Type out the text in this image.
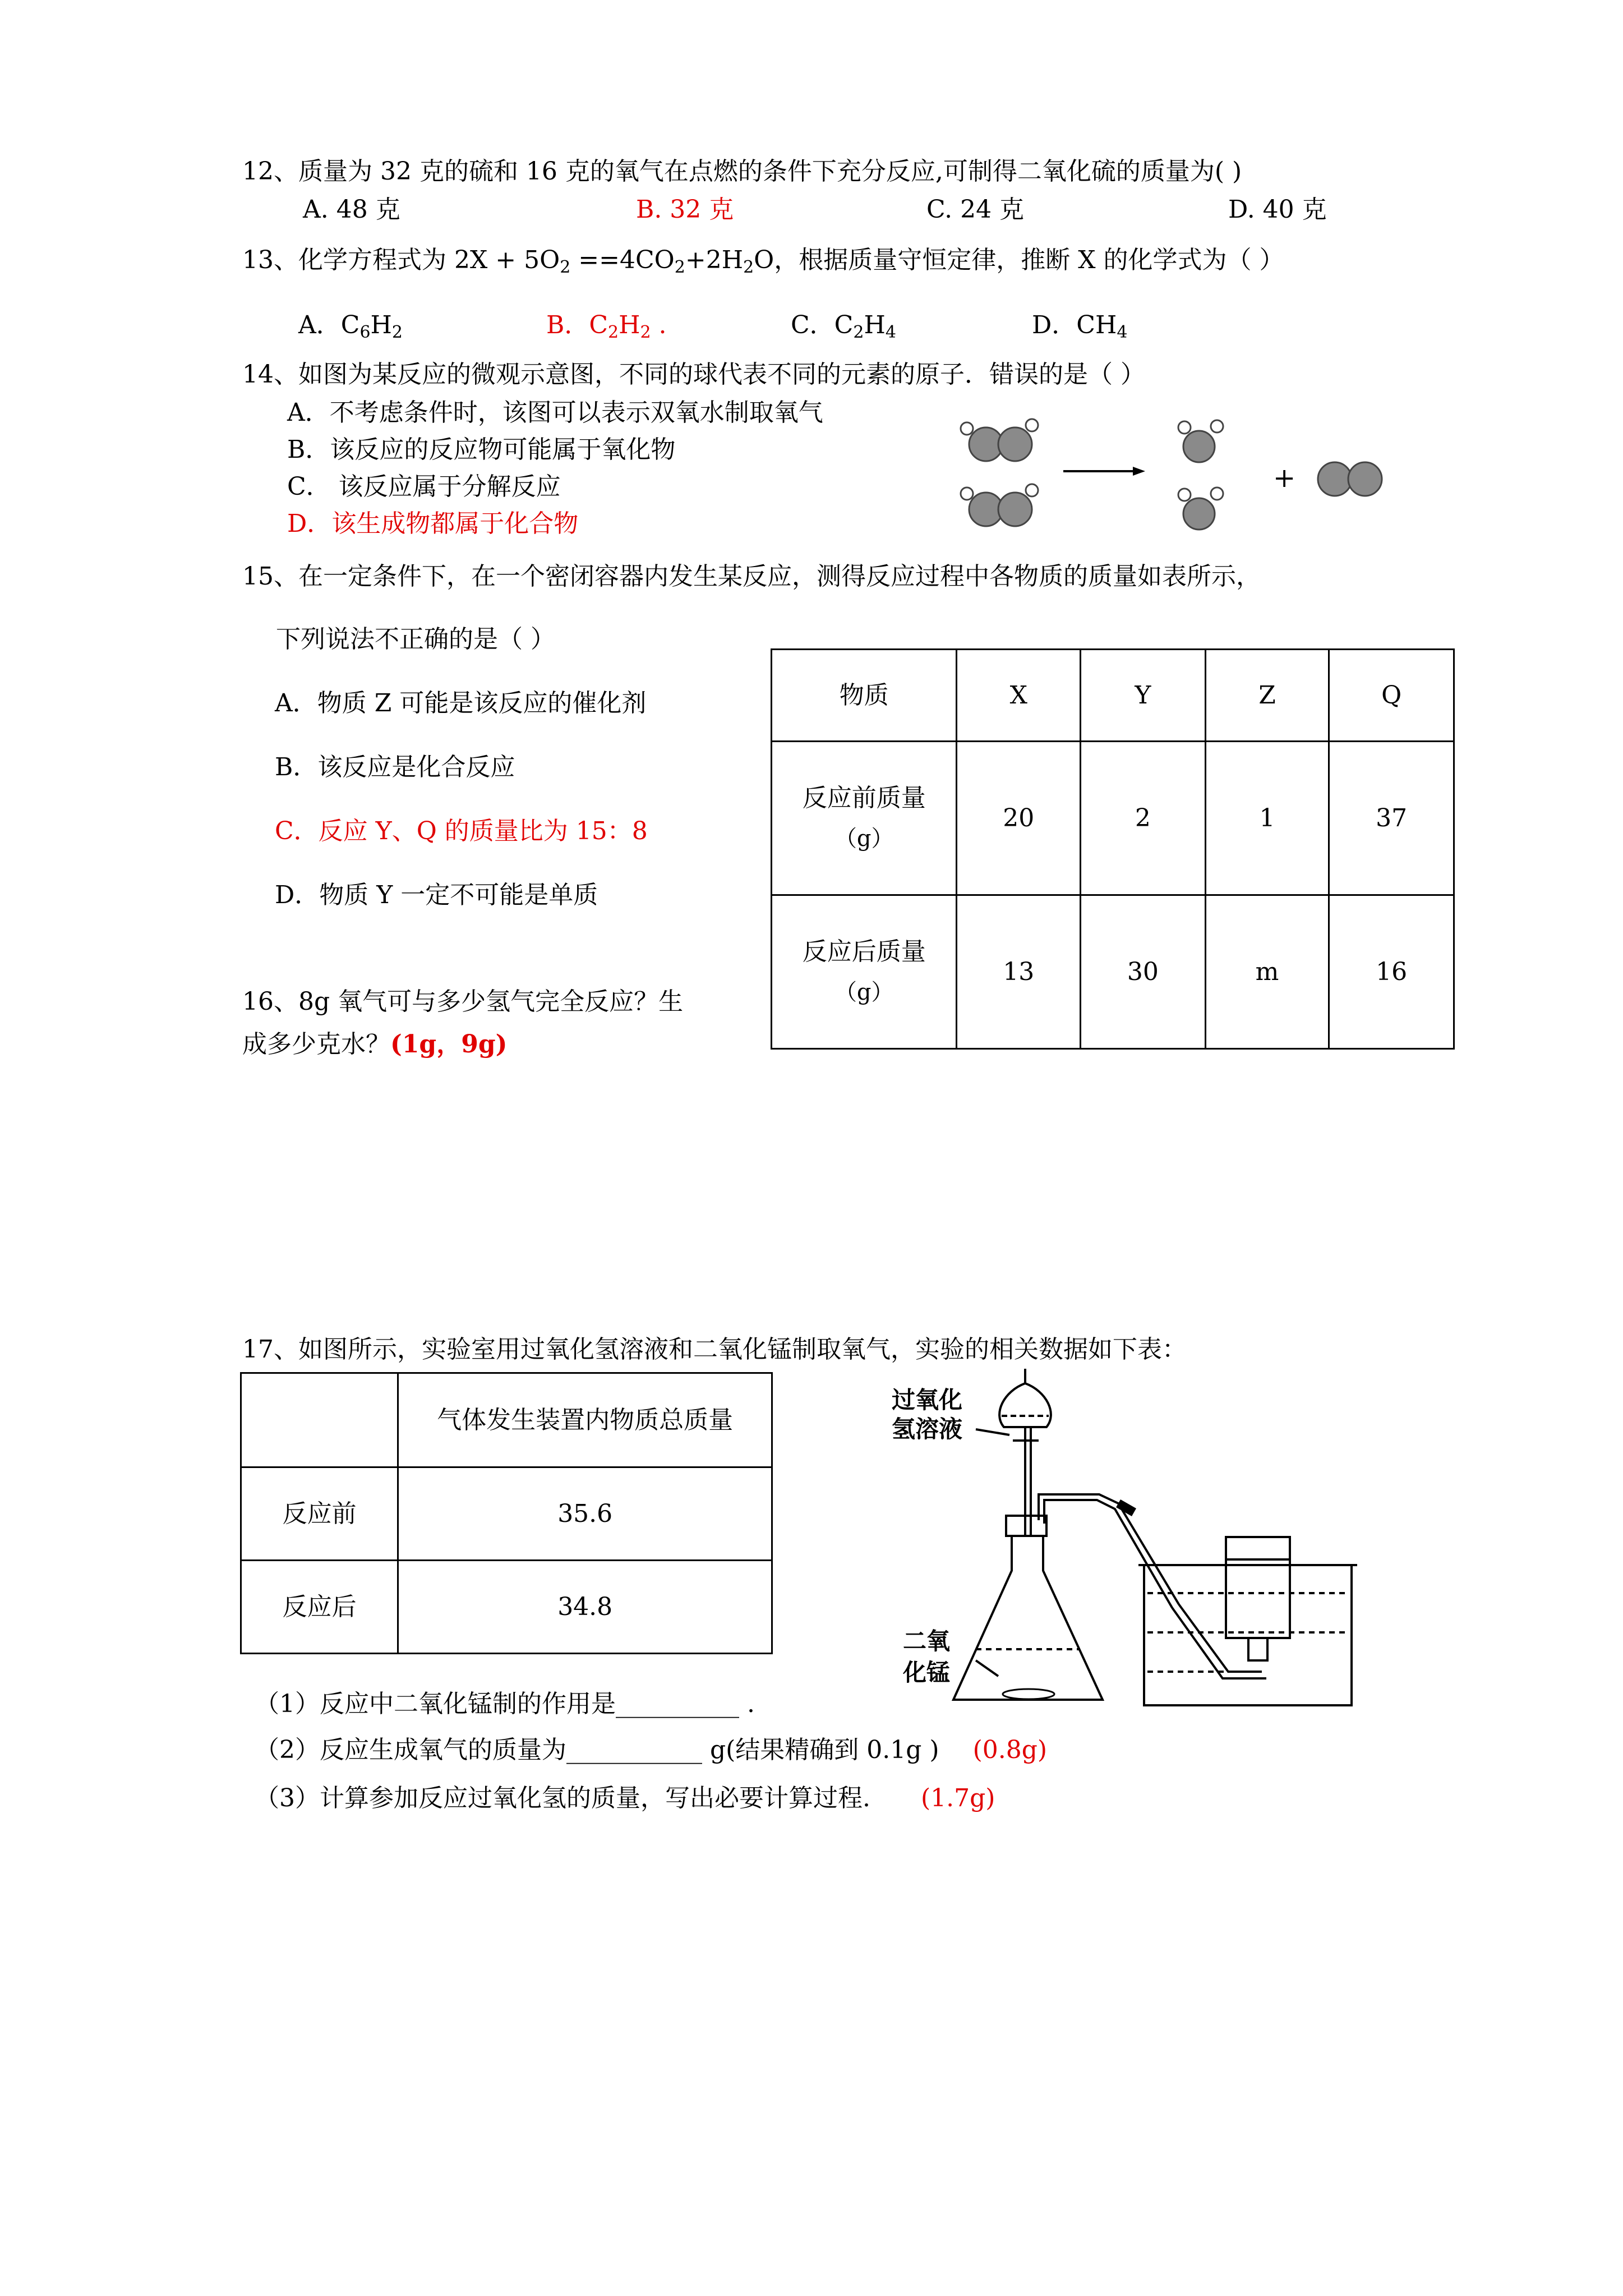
12、质量为 32 克的硫和 16 克的氧气在点燃的条件下充分反应,可制得二氧化硫的质量为( )
A. 48 克	B. 32 克	C. 24 克	D. 40 克
13、化学方程式为 $2X + 5O_2 ==4CO_2+2H_2O$，根据质量守恒定律，推断 X 的化学式为（ ）
A．$C_6H_2$	B．$C_2H_2$ .	C．$C_2H_4$	D．$CH_4$
14、如图为某反应的微观示意图，不同的球代表不同的元素的原子．错误的是（ ）
A．不考虑条件时，该图可以表示双氧水制取氧气
B．该反应的反应物可能属于氧化物
C． 该反应属于分解反应
D．该生成物都属于化合物
+
15、在一定条件下，在一个密闭容器内发生某反应，测得反应过程中各物质的质量如表所示，
下列说法不正确的是（ ）
A．物质 Z 可能是该反应的催化剂
B．该反应是化合反应
C．反应 Y、Q 的质量比为 15：8
D．物质 Y 一定不可能是单质
物质	X	Y	Z	Q

反应前质量
（g）	20	2	1	37

反应后质量
（g）	13	30	m	16
16、8g 氧气可与多少氢气完全反应？生
成多少克水？(1g，9g)
17、如图所示，实验室用过氧化氢溶液和二氧化锰制取氧气，实验的相关数据如下表：
	气体发生装置内物质总质量
反应前	35.6
反应后	34.8
过氧化
氢溶液
二氧
化锰
（1）反应中二氧化锰制的作用是__________ .
（2）反应生成氧气的质量为___________ g(结果精确到 0.1g ) (0.8g)
（3）计算参加反应过氧化氢的质量，写出必要计算过程. (1.7g)
